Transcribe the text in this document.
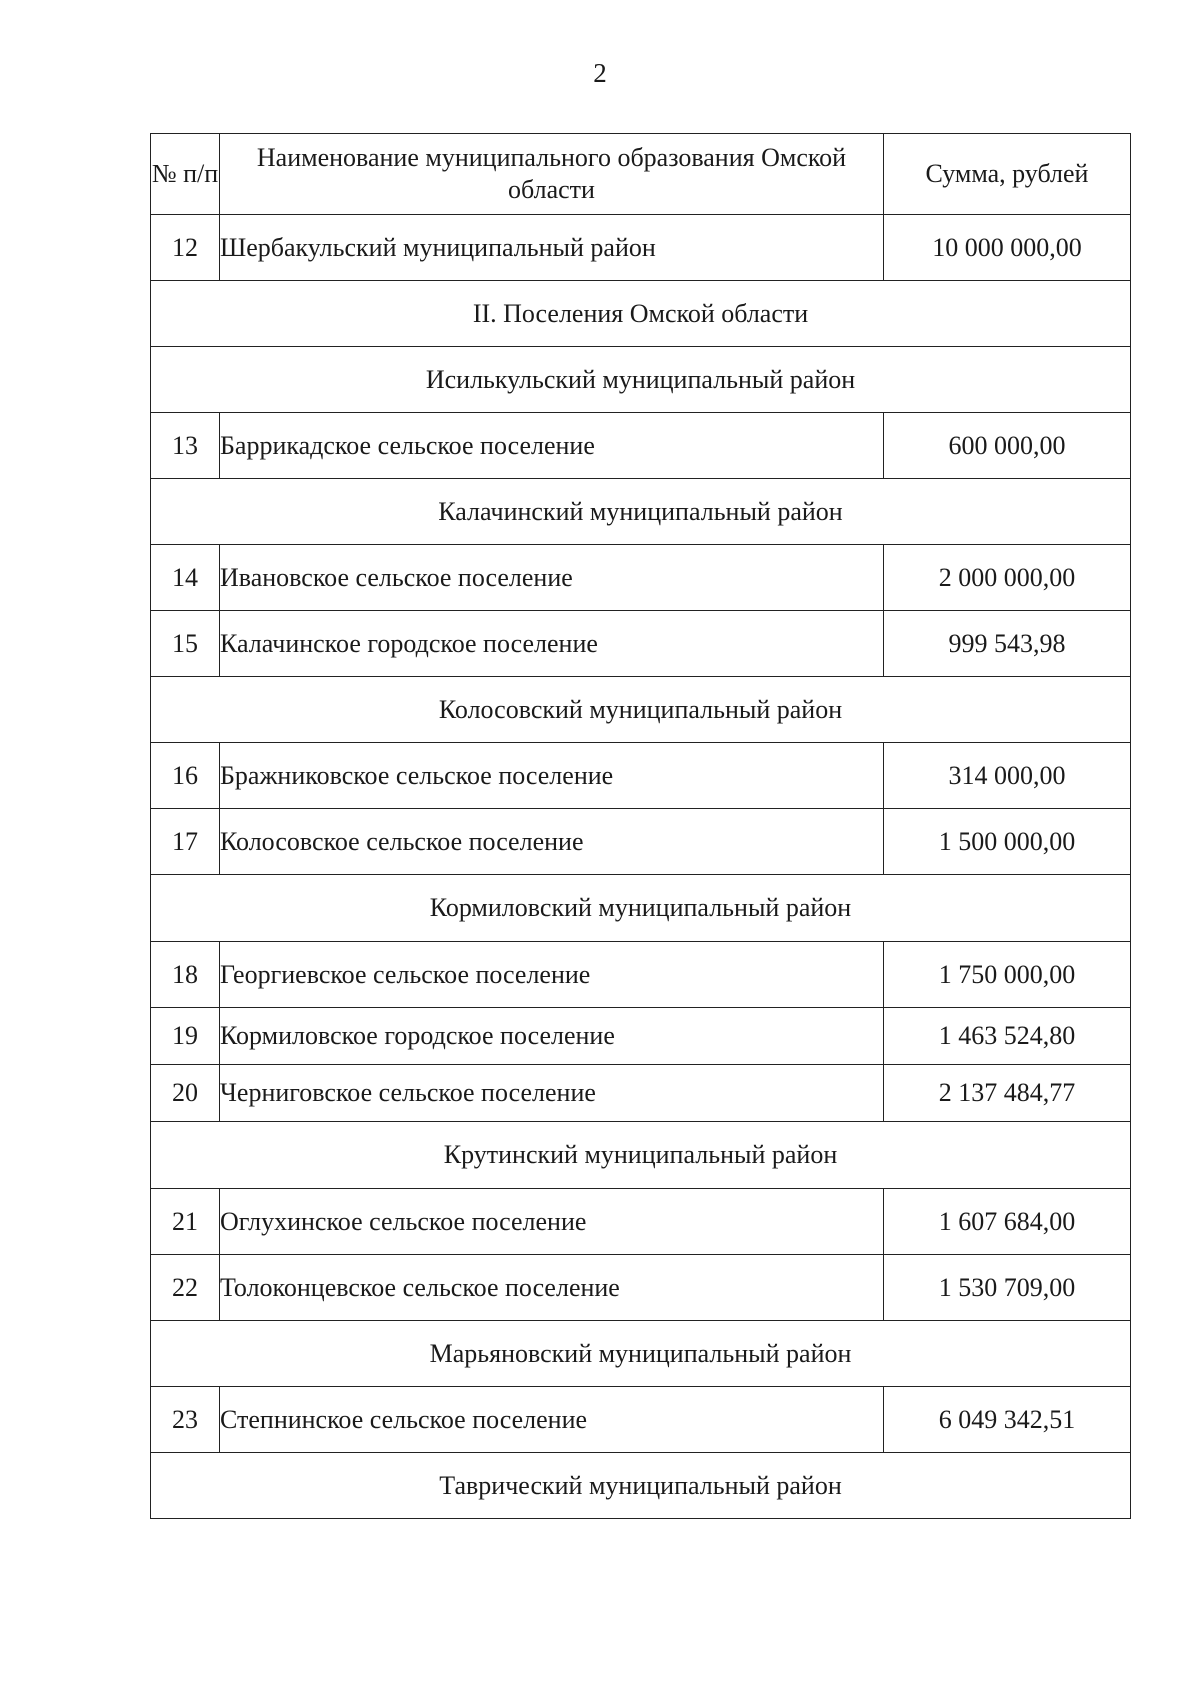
2
№ п/п	Наименование муниципального образования Омской области	Сумма, рублей
12	Шербакульский муниципальный район	10 000 000,00
II. Поселения Омской области		
Исилькульский муниципальный район		
13	Баррикадское сельское поселение	600 000,00
Калачинский муниципальный район		
14	Ивановское сельское поселение	2 000 000,00
15	Калачинское городское поселение	999 543,98
Колосовский муниципальный район		
16	Бражниковское сельское поселение	314 000,00
17	Колосовское сельское поселение	1 500 000,00
Кормиловский муниципальный район		
18	Георгиевское сельское поселение	1 750 000,00
19	Кормиловское городское поселение	1 463 524,80
20	Черниговское сельское поселение	2 137 484,77
Крутинский муниципальный район		
21	Оглухинское сельское поселение	1 607 684,00
22	Толоконцевское сельское поселение	1 530 709,00
Марьяновский муниципальный район		
23	Степнинское сельское поселение	6 049 342,51
Таврический муниципальный район		
